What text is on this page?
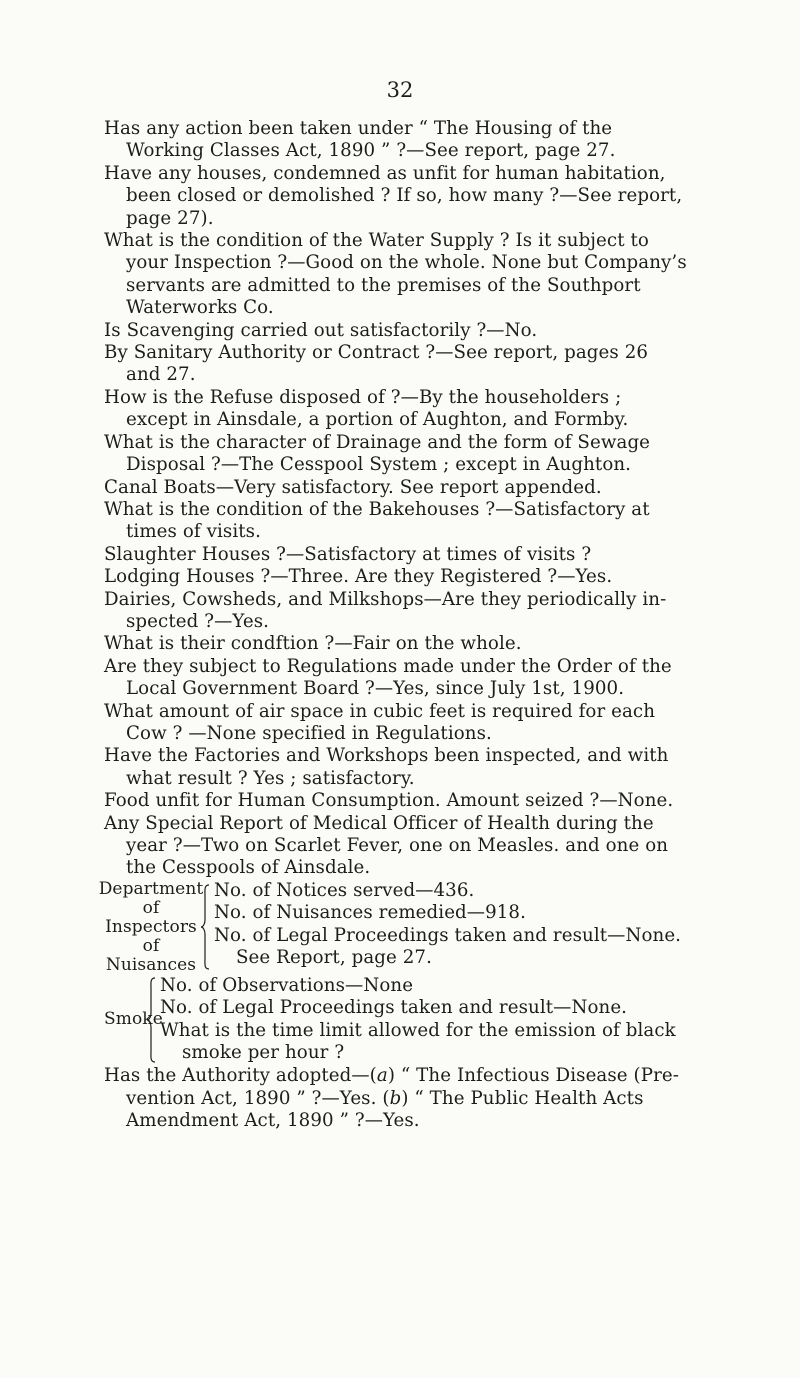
32

Has any action been taken under “ The Housing of the Working Classes Act, 1890 ” ?—See report, page 27.

Have any houses, condemned as unfit for human habitation, been closed or demolished ? If so, how many ?—See report, page 27).

What is the condition of the Water Supply ? Is it subject to your Inspection ?—Good on the whole. None but Company’s servants are admitted to the premises of the Southport Waterworks Co.

Is Scavenging carried out satisfactorily ?—No.

By Sanitary Authority or Contract ?—See report, pages 26 and 27.

How is the Refuse disposed of ?—By the householders ; except in Ainsdale, a portion of Aughton, and Formby.

What is the character of Drainage and the form of Sewage Disposal ?—The Cesspool System ; except in Aughton.

Canal Boats—Very satisfactory. See report appended.

What is the condition of the Bakehouses ?—Satisfactory at times of visits.

Slaughter Houses ?—Satisfactory at times of visits ?

Lodging Houses ?—Three. Are they Registered ?—Yes.

Dairies, Cowsheds, and Milkshops—Are they periodically in-spected ?—Yes.

What is their condftion ?—Fair on the whole.

Are they subject to Regulations made under the Order of the Local Government Board ?—Yes, since July 1st, 1900.

What amount of air space in cubic feet is required for each Cow ? —None specified in Regulations.

Have the Factories and Workshops been inspected, and with what result ? Yes ; satisfactory.

Food unfit for Human Consumption. Amount seized ?—None.

Any Special Report of Medical Officer of Health during the year ?—Two on Scarlet Fever, one on Measles. and one on the Cesspools of Ainsdale.

Department of Inspectors of Nuisances

No. of Notices served—436.

No. of Nuisances remedied—918.

No. of Legal Proceedings taken and result—None. See Report, page 27.

Smoke

No. of Observations—None

No. of Legal Proceedings taken and result—None.

What is the time limit allowed for the emission of black smoke per hour ?

Has the Authority adopted—(a) “ The Infectious Disease (Pre-vention Act, 1890 ” ?—Yes. (b) “ The Public Health Acts Amendment Act, 1890 ” ?—Yes.
